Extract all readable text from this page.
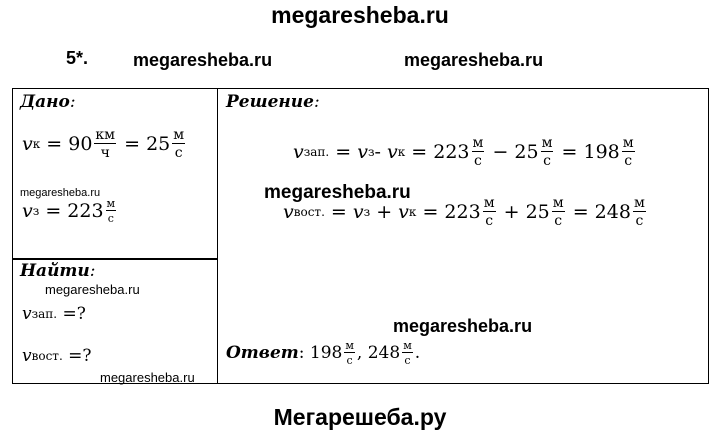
megaresheba.ru
5*. megaresheba.ru	megaresheba.ru
Дано:	Решение:
Найти:
v $к = 90 \frac{км}{ч} = 25 \frac{м}{с}$
megaresheba.ru
v $з = 223 \frac{м}{с}$
megaresheba.ru
v зап.
=?
v вост.
=?
megaresheba.ru
v зап. = v з - v $к = 223 \frac{м}{с}$
−
$25 \frac{м}{с} = 198 \frac{м}{с}$
megaresheba.ru
v вост. = v з
+ v $к = 223 \frac{м}{с}$
+
$25 \frac{м}{с} = 248 \frac{м}{с}$
megaresheba.ru
Ответ : $198 \frac{м}{с}$ , $248 \frac{м}{с}$ .
Мегарешеба.ру
